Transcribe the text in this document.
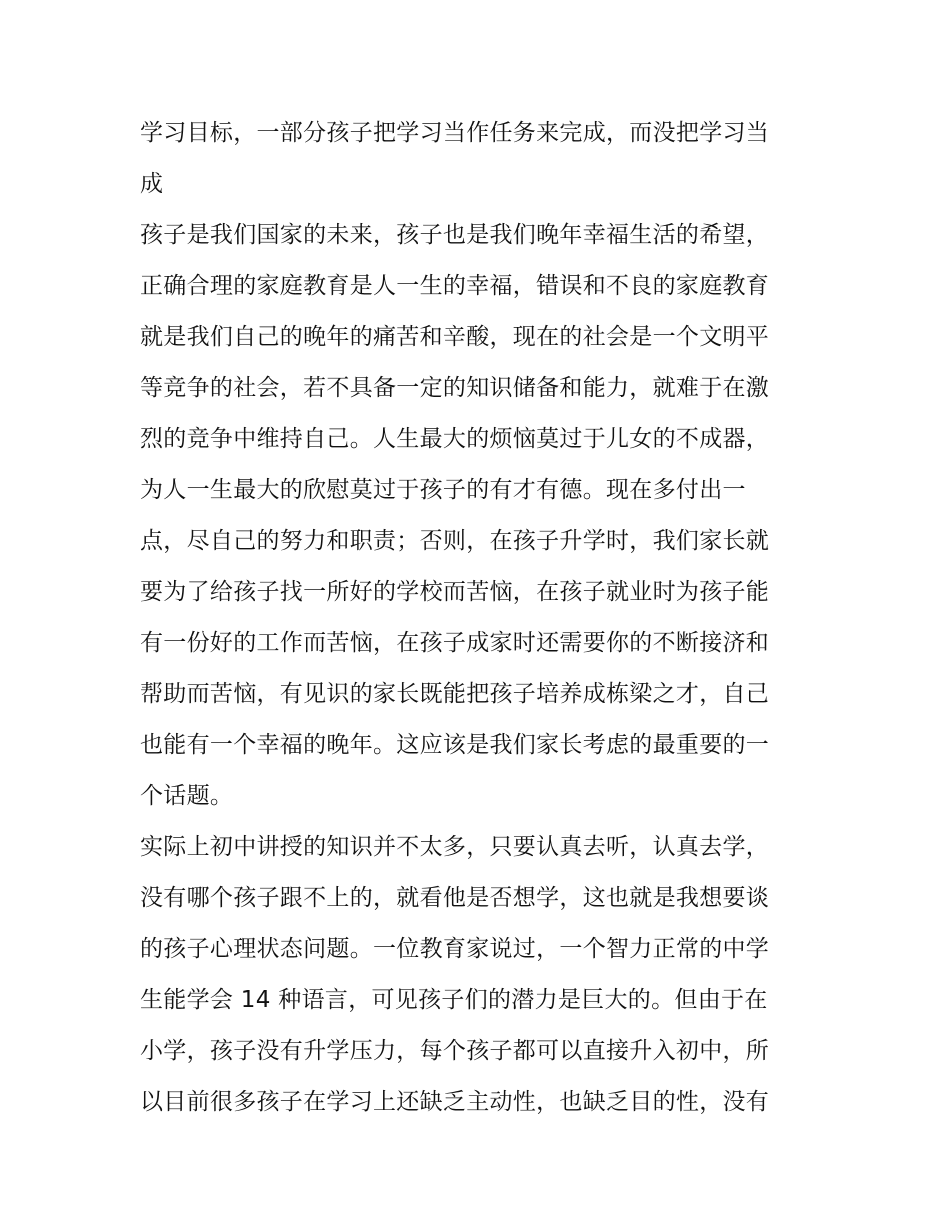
学习目标，一部分孩子把学习当作任务来完成，而没把学习当
成
孩子是我们国家的未来，孩子也是我们晚年幸福生活的希望，
正确合理的家庭教育是人一生的幸福，错误和不良的家庭教育
就是我们自己的晚年的痛苦和辛酸，现在的社会是一个文明平
等竞争的社会，若不具备一定的知识储备和能力，就难于在激
烈的竞争中维持自己。人生最大的烦恼莫过于儿女的不成器，
为人一生最大的欣慰莫过于孩子的有才有德。现在多付出一
点，尽自己的努力和职责；否则，在孩子升学时，我们家长就
要为了给孩子找一所好的学校而苦恼，在孩子就业时为孩子能
有一份好的工作而苦恼，在孩子成家时还需要你的不断接济和
帮助而苦恼，有见识的家长既能把孩子培养成栋梁之才，自己
也能有一个幸福的晚年。这应该是我们家长考虑的最重要的一
个话题。
实际上初中讲授的知识并不太多，只要认真去听，认真去学，
没有哪个孩子跟不上的，就看他是否想学，这也就是我想要谈
的孩子心理状态问题。一位教育家说过，一个智力正常的中学
生能学会 14 种语言，可见孩子们的潜力是巨大的。但由于在
小学，孩子没有升学压力，每个孩子都可以直接升入初中，所
以目前很多孩子在学习上还缺乏主动性，也缺乏目的性，没有
